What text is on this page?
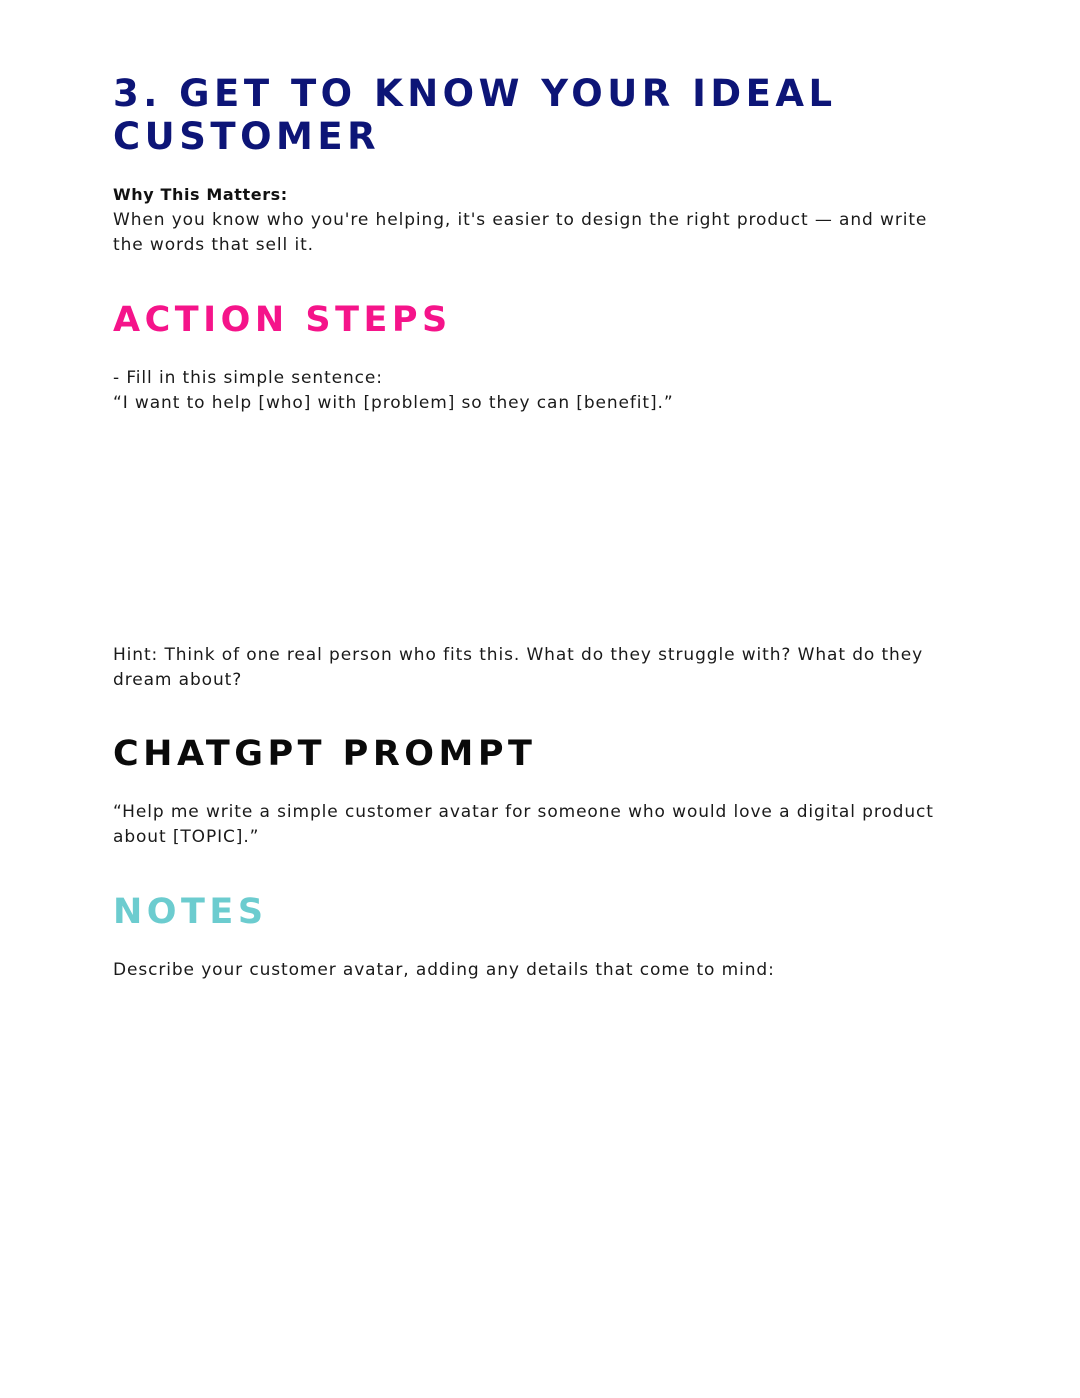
3. GET TO KNOW YOUR IDEAL CUSTOMER

Why This Matters:

When you know who you're helping, it's easier to design the right product — and write the words that sell it.

ACTION STEPS

- Fill in this simple sentence:

“I want to help [who] with [problem] so they can [benefit].”

Hint: Think of one real person who fits this. What do they struggle with? What do they dream about?

CHATGPT PROMPT

“Help me write a simple customer avatar for someone who would love a digital product about [TOPIC].”

NOTES

Describe your customer avatar, adding any details that come to mind:
